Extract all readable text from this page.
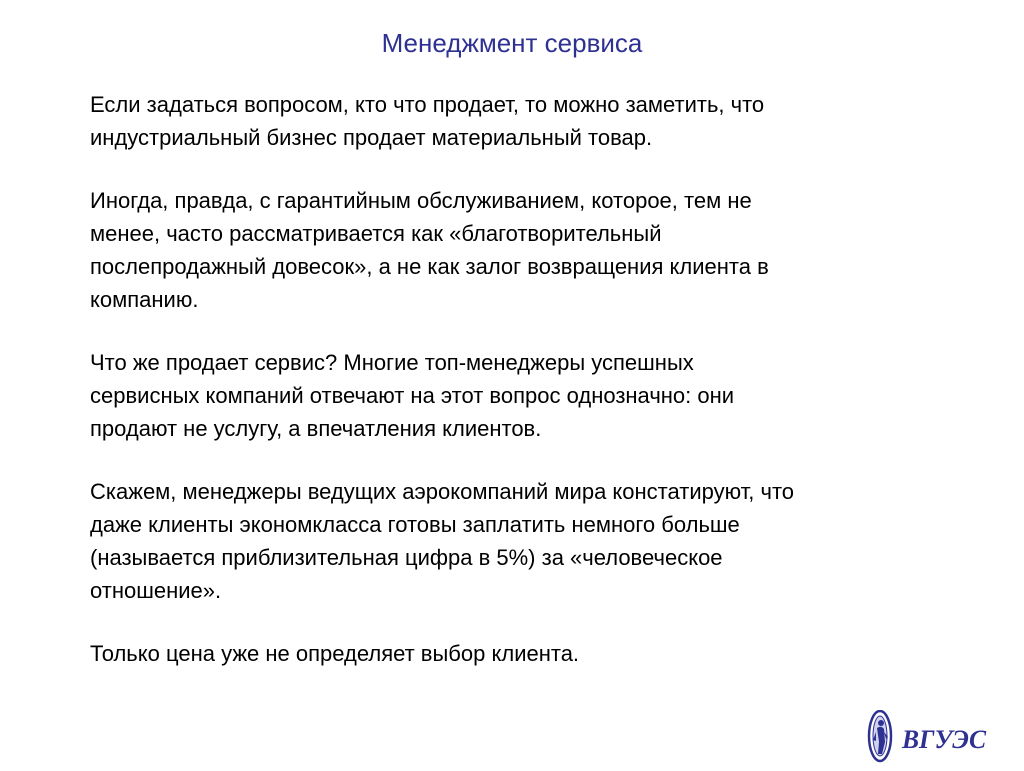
Менеджмент сервиса

Если задаться вопросом, кто что продает, то можно заметить, что
индустриальный бизнес продает материальный товар.

Иногда, правда, с гарантийным обслуживанием, которое, тем не
менее, часто рассматривается как «благотворительный
послепродажный довесок», а не как залог возвращения клиента в
компанию.

Что же продает сервис? Многие топ-менеджеры успешных
сервисных компаний отвечают на этот вопрос однозначно: они
продают не услугу, а впечатления клиентов.

Скажем, менеджеры ведущих аэрокомпаний мира констатируют, что
даже клиенты экономкласса готовы заплатить немного больше
(называется приблизительная цифра в 5%) за «человеческое
отношение».

Только цена уже не определяет выбор клиента.

ВГУЭС
